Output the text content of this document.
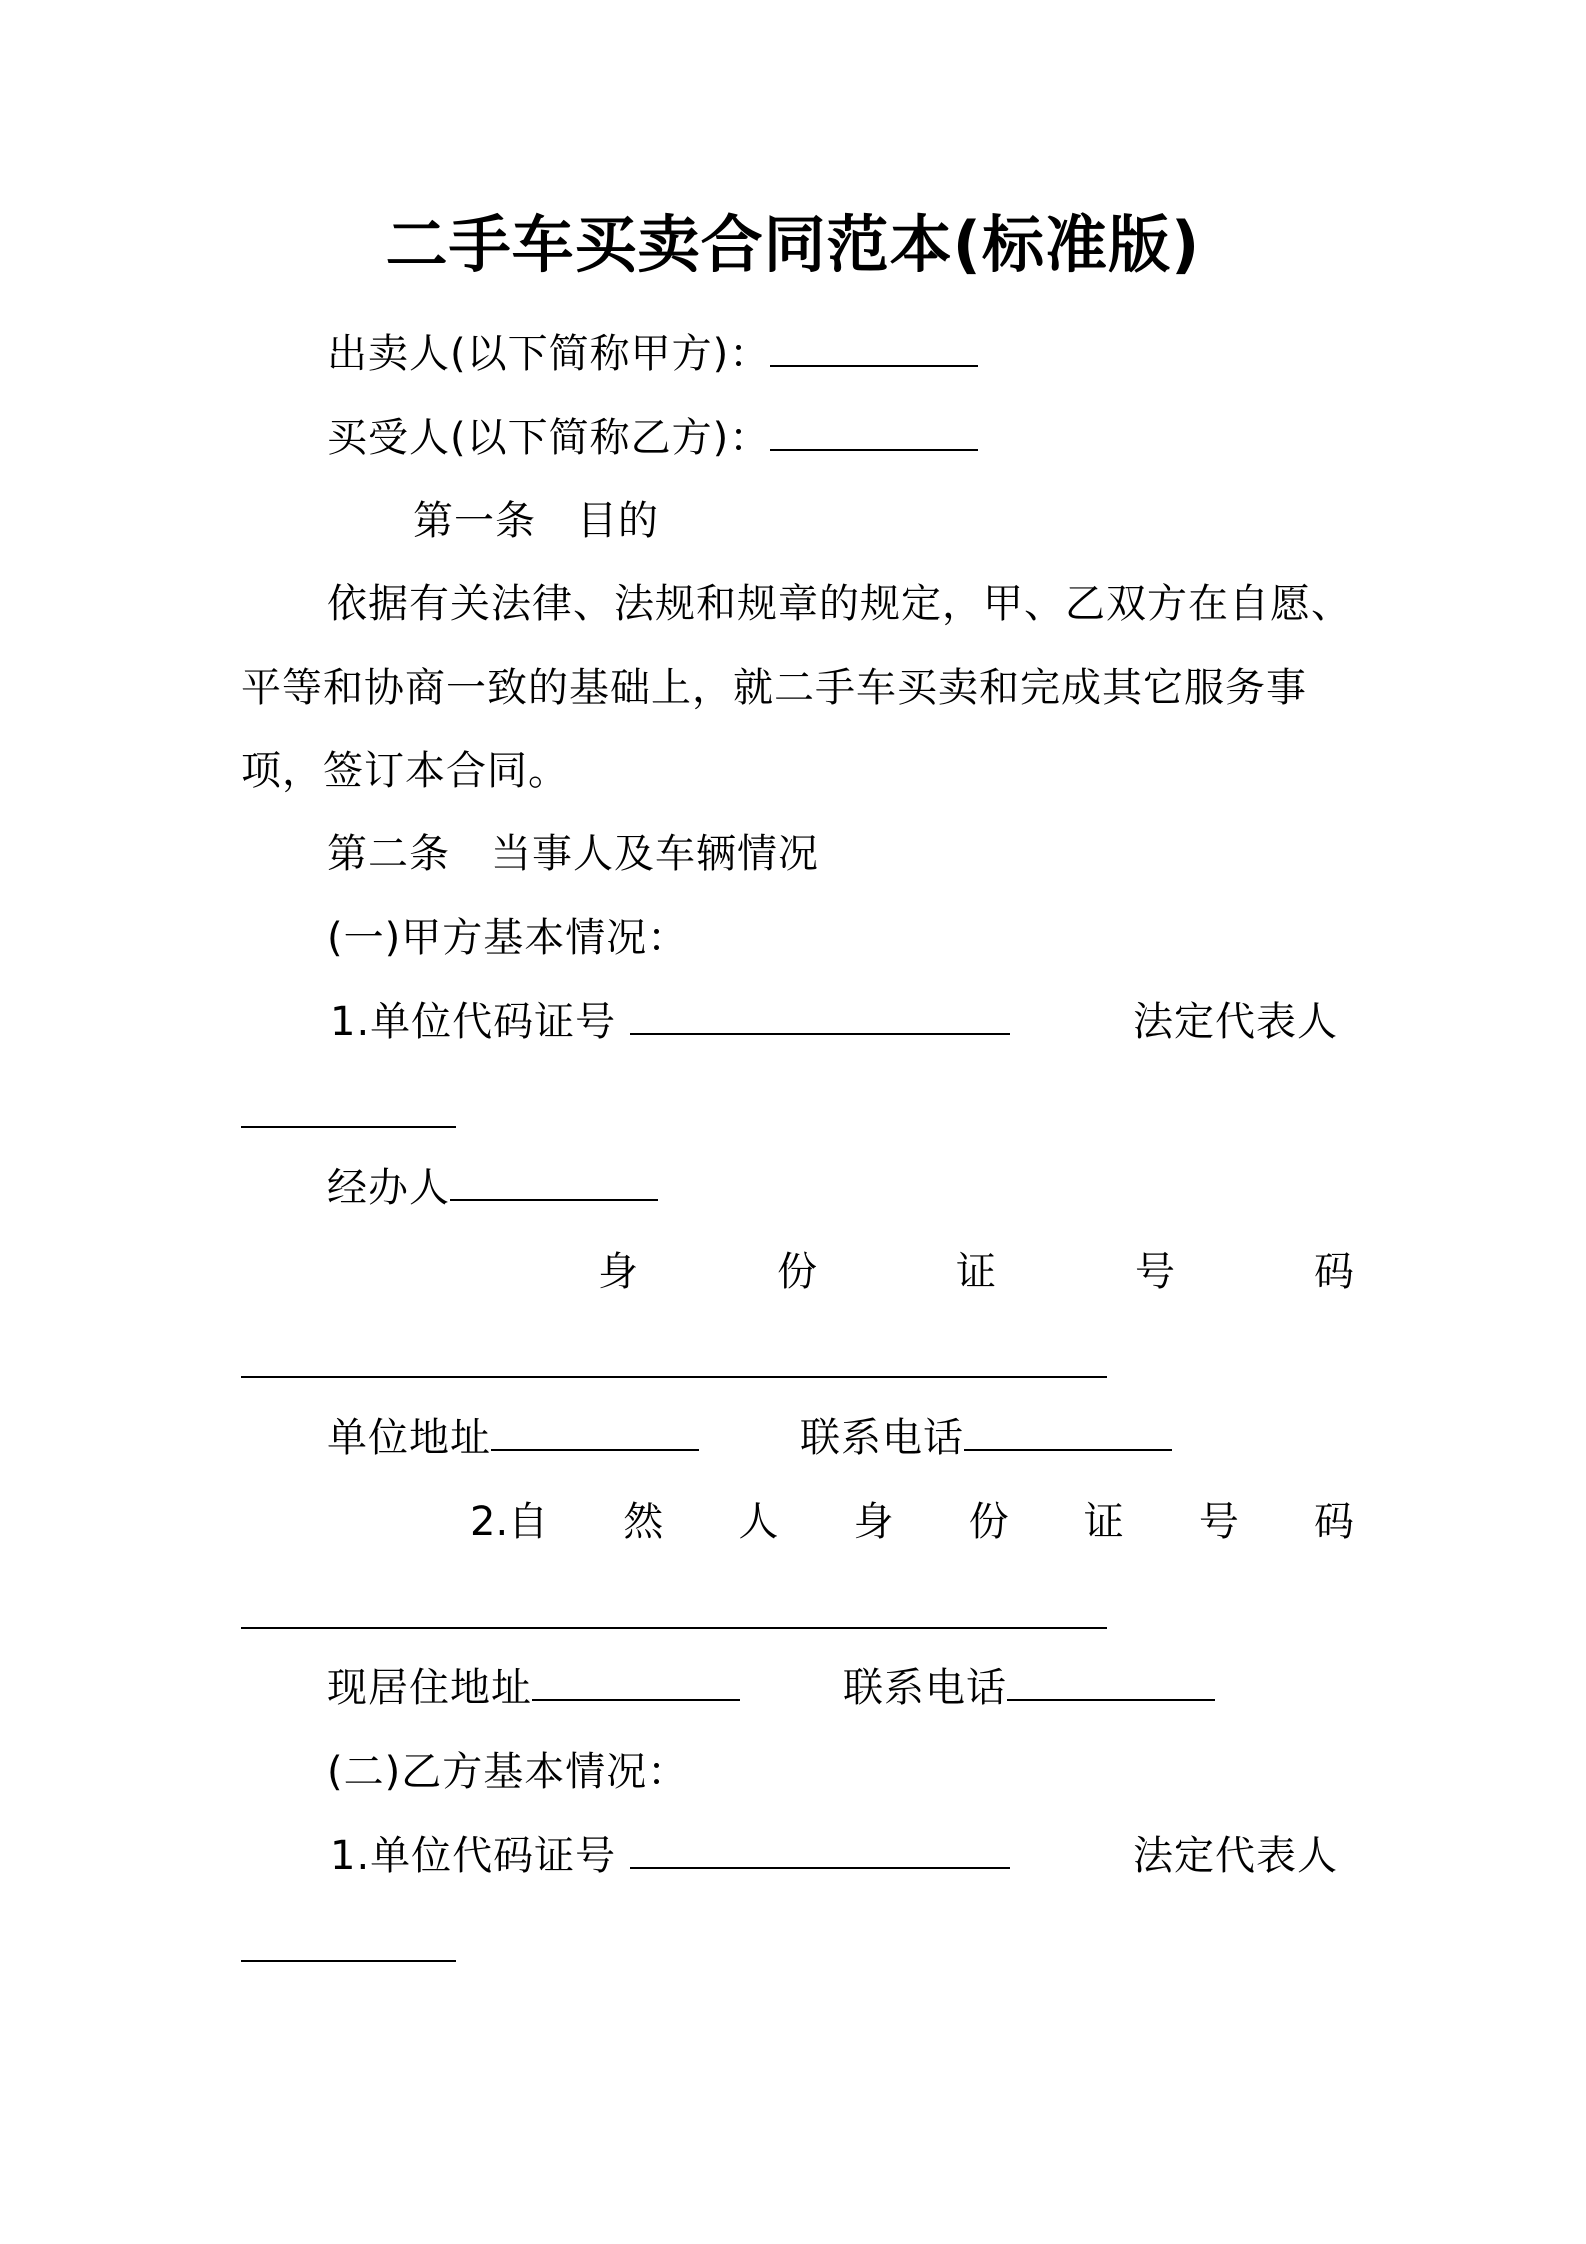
二手车买卖合同范本(标准版)
出卖人(以下简称甲方)：
买受人(以下简称乙方)：
第一条　目的
依据有关法律、法规和规章的规定，甲、乙双方在自愿、
平等和协商一致的基础上，就二手车买卖和完成其它服务事
项，签订本合同。
第二条　当事人及车辆情况
(一)甲方基本情况：
1.单位代码证号	法定代表人
经办人
身	份	证	号	码
单位地址	联系电话
2.自 然 人 身 份 证 号 码
现居住地址	联系电话
(二)乙方基本情况：
1.单位代码证号	法定代表人
